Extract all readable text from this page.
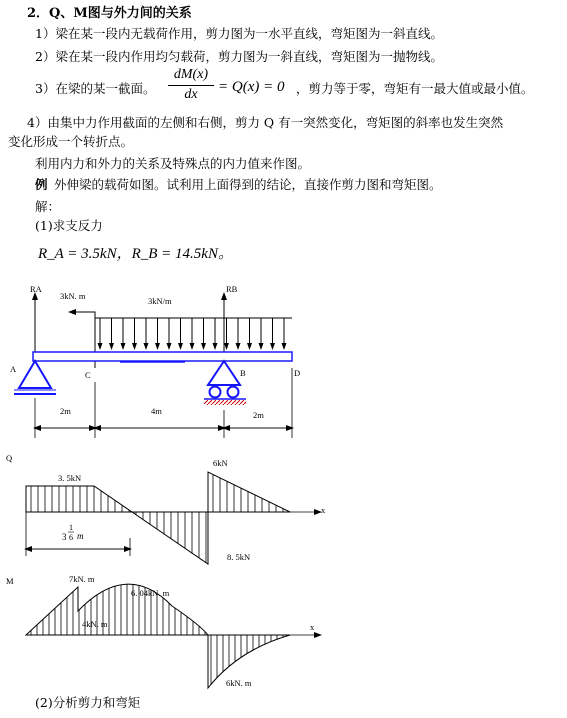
2．Q、M图与外力间的关系
1）梁在某一段内无载荷作用，剪力图为一水平直线，弯矩图为一斜直线。
2）梁在某一段内作用均匀载荷，剪力图为一斜直线，弯矩图为一抛物线。
3）在梁的某一截面。
dM(x)
dx	= Q(x) = 0 ，剪力等于零，弯矩有一最大值或最小值。
4）由集中力作用截面的左侧和右侧，剪力 Q 有一突然变化，弯矩图的斜率也发生突然
变化形成一个转折点。
利用内力和外力的关系及特殊点的内力值来作图。
例 外伸梁的载荷如图。试利用上面得到的结论，直接作剪力图和弯矩图。
解：
(1)求支反力
R_A = 3.5kN，R_B = 14.5kN。
(2)分析剪力和弯矩
RA	RB
3kN. m	3kN/m
A
C	B	D
2m	4m	2m
Q
x
3. 5kN
6kN
8. 5kN
3
1
6 m
M
x
7kN. m
6. 04kN. m
4kN. m
6kN. m
